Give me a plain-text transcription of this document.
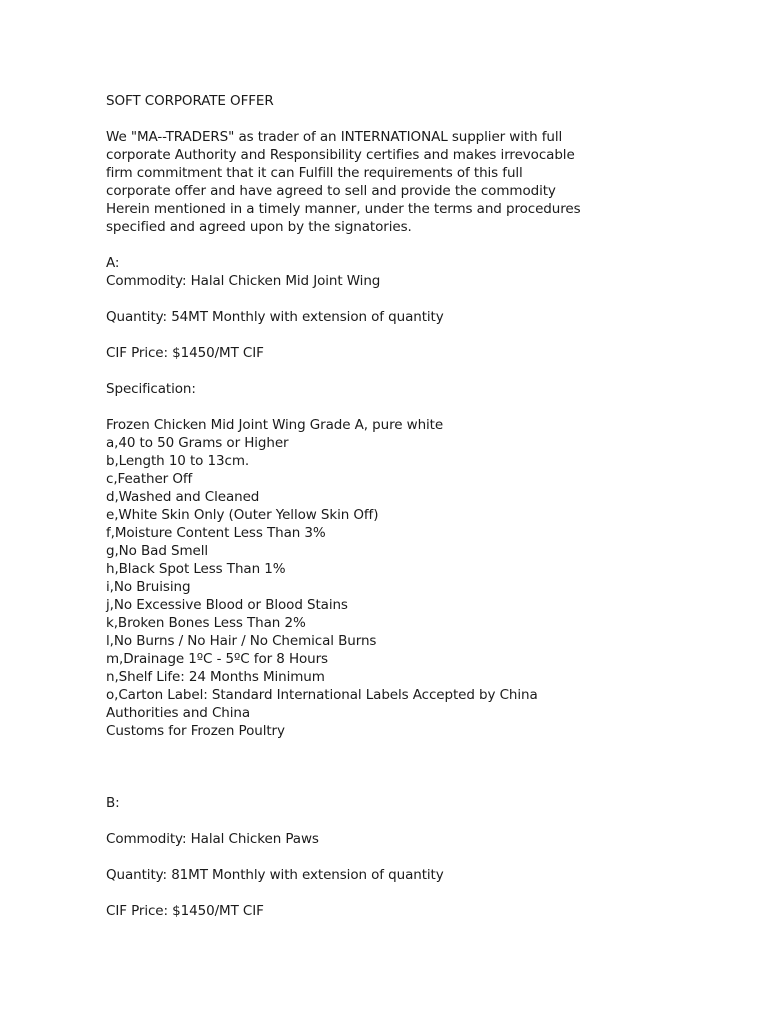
SOFT CORPORATE OFFER
We "MA--TRADERS" as trader of an INTERNATIONAL supplier with full
corporate Authority and Responsibility certifies and makes irrevocable
firm commitment that it can Fulfill the requirements of this full
corporate offer and have agreed to sell and provide the commodity
Herein mentioned in a timely manner, under the terms and procedures
specified and agreed upon by the signatories.
A:
Commodity: Halal Chicken Mid Joint Wing
Quantity: 54MT Monthly with extension of quantity
CIF Price: $1450/MT CIF
Specification:
Frozen Chicken Mid Joint Wing Grade A, pure white
a,40 to 50 Grams or Higher
b,Length 10 to 13cm.
c,Feather Off
d,Washed and Cleaned
e,White Skin Only (Outer Yellow Skin Off)
f,Moisture Content Less Than 3%
g,No Bad Smell
h,Black Spot Less Than 1%
i,No Bruising
j,No Excessive Blood or Blood Stains
k,Broken Bones Less Than 2%
l,No Burns / No Hair / No Chemical Burns
m,Drainage 1ºC - 5ºC for 8 Hours
n,Shelf Life: 24 Months Minimum
o,Carton Label: Standard International Labels Accepted by China
Authorities and China
Customs for Frozen Poultry
B:
Commodity: Halal Chicken Paws
Quantity: 81MT Monthly with extension of quantity
CIF Price: $1450/MT CIF
